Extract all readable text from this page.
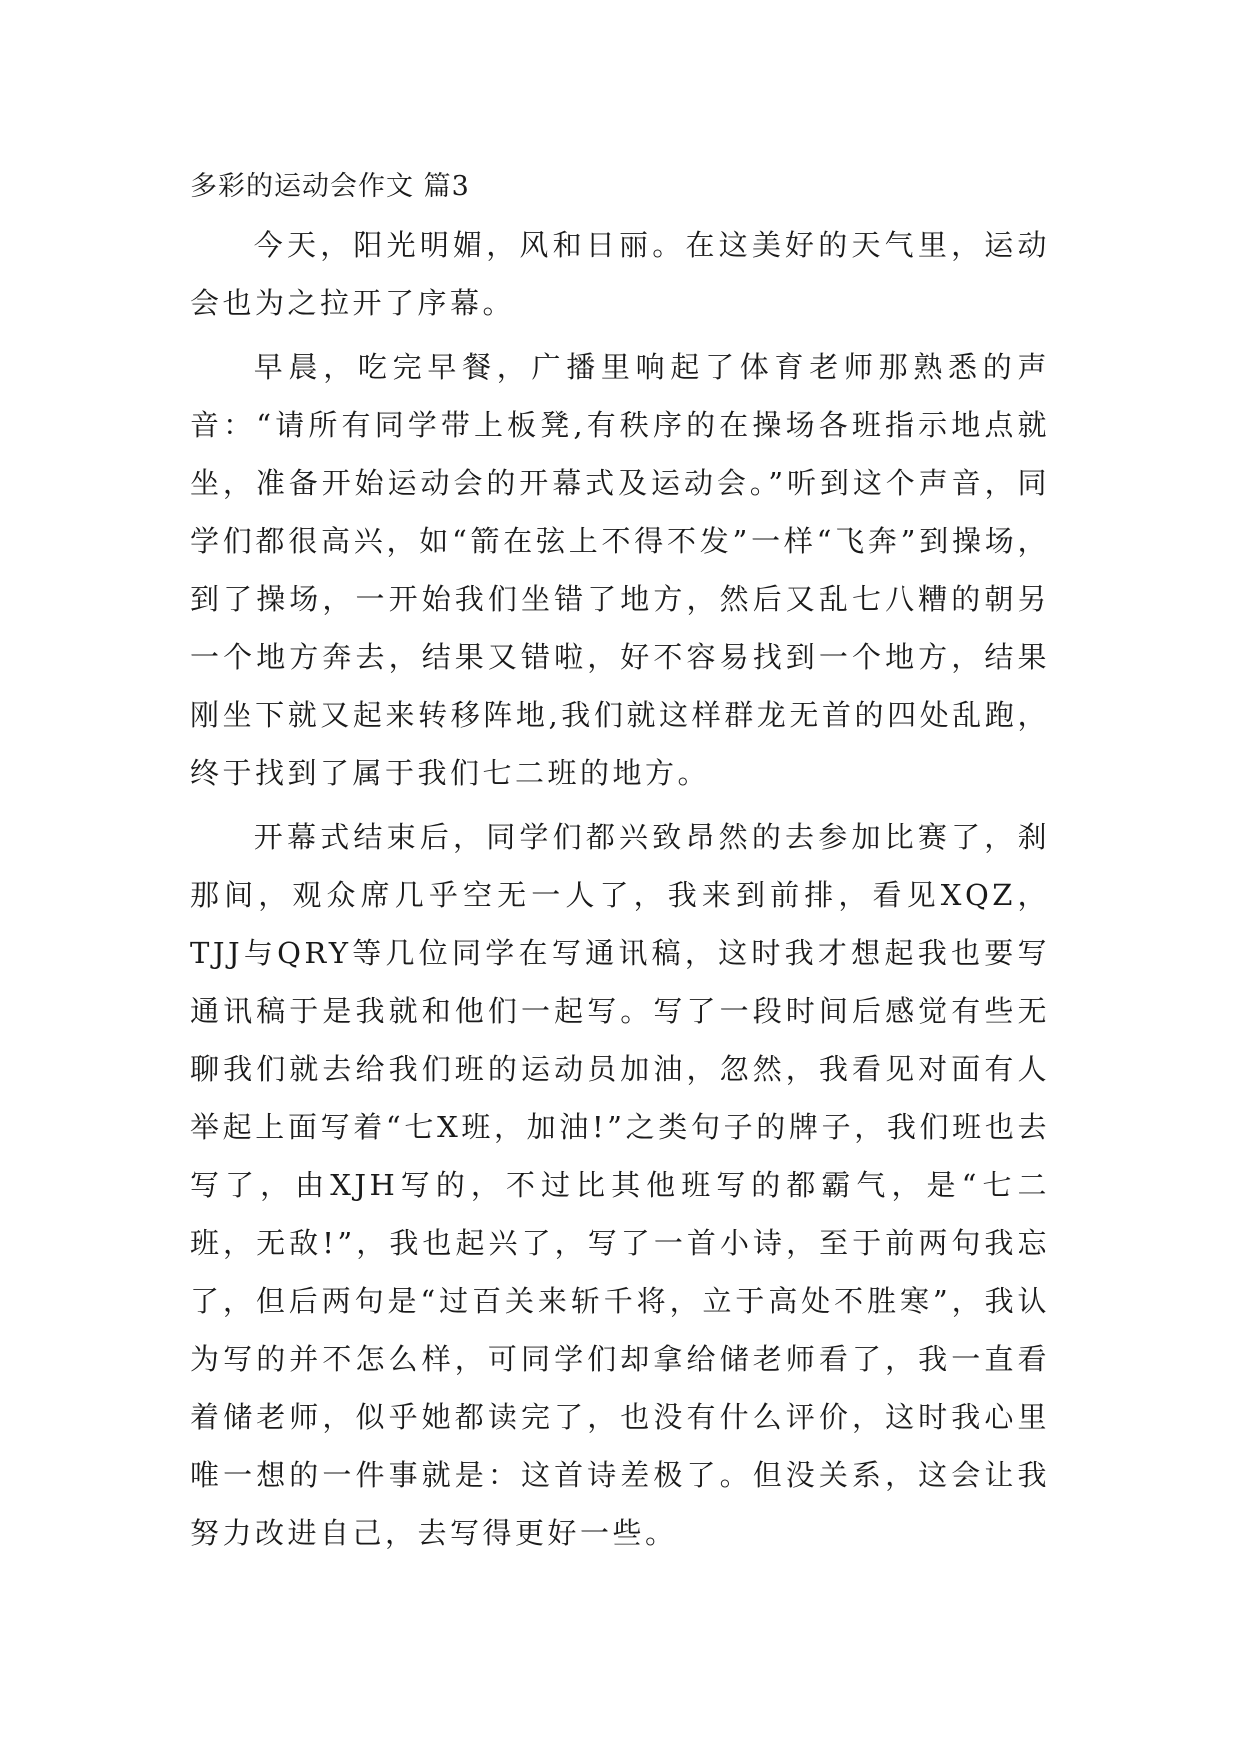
多彩的运动会作文 篇3

今天，阳光明媚，风和日丽。在这美好的天气里，运动会也为之拉开了序幕。

早晨，吃完早餐，广播里响起了体育老师那熟悉的声音：“请所有同学带上板凳,有秩序的在操场各班指示地点就坐，准备开始运动会的开幕式及运动会。”听到这个声音，同学们都很高兴，如“箭在弦上不得不发”一样“飞奔”到操场，到了操场，一开始我们坐错了地方，然后又乱七八糟的朝另一个地方奔去，结果又错啦，好不容易找到一个地方，结果刚坐下就又起来转移阵地,我们就这样群龙无首的四处乱跑，终于找到了属于我们七二班的地方。

开幕式结束后，同学们都兴致昂然的去参加比赛了，刹那间，观众席几乎空无一人了，我来到前排，看见XQZ，TJJ与QRY等几位同学在写通讯稿，这时我才想起我也要写通讯稿于是我就和他们一起写。写了一段时间后感觉有些无聊我们就去给我们班的运动员加油，忽然，我看见对面有人举起上面写着“七X班，加油!”之类句子的牌子，我们班也去写了，由XJH写的，不过比其他班写的都霸气，是“七二班，无敌!”，我也起兴了，写了一首小诗，至于前两句我忘了，但后两句是“过百关来斩千将，立于高处不胜寒”，我认为写的并不怎么样，可同学们却拿给储老师看了，我一直看着储老师，似乎她都读完了，也没有什么评价，这时我心里唯一想的一件事就是：这首诗差极了。但没关系，这会让我努力改进自己，去写得更好一些。
